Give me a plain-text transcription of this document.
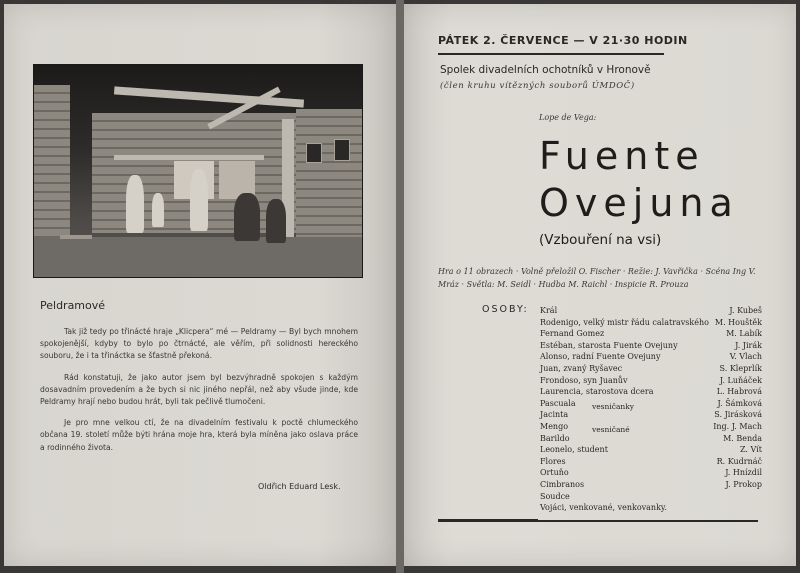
Peldramové

Tak již tedy po třinácté hraje „Klicpera“ mé — Peldramy — Byl bych mnohem spokojenější, kdyby to bylo po čtrnácté, ale věřím, při solidnosti hereckého souboru, že i ta třináctka se šťastně překoná.

Rád konstatuji, že jako autor jsem byl bezvýhradně spokojen s každým dosavadním provedením a že bych si nic jiného nepřál, než aby všude jinde, kde Peldramy hrají nebo budou hrát, byli tak pečlivě tlumočeni.

Je pro mne velkou ctí, že na divadelním festivalu k poctě chlumeckého občana 19. století může býti hrána moje hra, která byla míněna jako oslava práce a rodinného života.

Oldřich Eduard Lesk.
PÁTEK 2. ČERVENCE — V 21·30 HODIN
Spolek divadelních ochotníků v Hronově
(člen kruhu vítězných souborů ÚMDOČ)
Lope de Vega:
Fuente
Ovejuna
(Vzbouření na vsi)
Hra o 11 obrazech · Volně přeložil O. Fischer · Režie: J. Vavřička · Scéna Ing V. Mráz · Světla: M. Seidl · Hudba M. Raichl · Inspicie R. Prouza
OSOBY: Král	J. Kubeš
Rodenigo, velký mistr řádu calatravského M. Houštěk
Fernand Gomez	M. Labík
Estéban, starosta Fuente Ovejuny	J. Jirák
Alonso, radní Fuente Ovejuny	V. Vlach
Juan, zvaný Ryšavec	S. Kleprlík
Frondoso, syn Juanův	J. Luňáček
Laurencia, starostova dcera	L. Habrová
Pascuala vesničanky	J. Šámková
Jacinta	S. Jirásková
Mengo	vesničané	Ing. J. Mach
Barildo	M. Benda
Leonelo, student	Z. Vít
Flores	R. Kudrnáč
Ortuňo	J. Hnízdil
Cimbranos	J. Prokop
Soudce
Vojáci, venkované, venkovanky.
